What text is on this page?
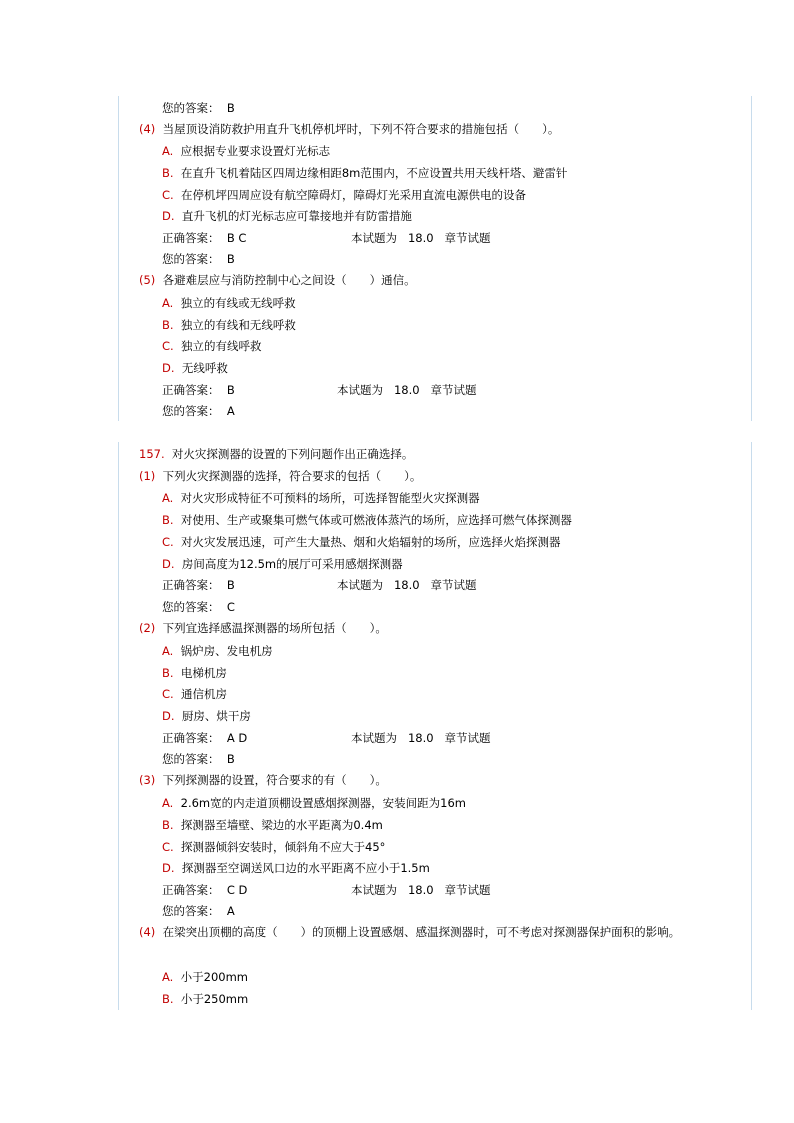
您的答案： B
(4) 当屋顶设消防救护用直升飞机停机坪时，下列不符合要求的措施包括（　　）。
A. 应根据专业要求设置灯光标志
B. 在直升飞机着陆区四周边缘相距8m范围内，不应设置共用天线杆塔、避雷针
C. 在停机坪四周应设有航空障碍灯，障碍灯光采用直流电源供电的设备
D. 直升飞机的灯光标志应可靠接地并有防雷措施
正确答案： B C	本试题为 18.0 章节试题
您的答案： B
(5) 各避难层应与消防控制中心之间设（　　）通信。
A. 独立的有线或无线呼救
B. 独立的有线和无线呼救
C. 独立的有线呼救
D. 无线呼救
正确答案： B	本试题为 18.0 章节试题
您的答案： A
157. 对火灾探测器的设置的下列问题作出正确选择。
(1) 下列火灾探测器的选择，符合要求的包括（　　）。
A. 对火灾形成特征不可预料的场所，可选择智能型火灾探测器
B. 对使用、生产或聚集可燃气体或可燃液体蒸汽的场所，应选择可燃气体探测器
C. 对火灾发展迅速，可产生大量热、烟和火焰辐射的场所，应选择火焰探测器
D. 房间高度为12.5m的展厅可采用感烟探测器
正确答案： B	本试题为 18.0 章节试题
您的答案： C
(2) 下列宜选择感温探测器的场所包括（　　）。
A. 锅炉房、发电机房
B. 电梯机房
C. 通信机房
D. 厨房、烘干房
正确答案： A D	本试题为 18.0 章节试题
您的答案： B
(3) 下列探测器的设置，符合要求的有（　　）。
A. 2.6m宽的内走道顶棚设置感烟探测器，安装间距为16m
B. 探测器至墙壁、梁边的水平距离为0.4m
C. 探测器倾斜安装时，倾斜角不应大于45°
D. 探测器至空调送风口边的水平距离不应小于1.5m
正确答案： C D	本试题为 18.0 章节试题
您的答案： A
(4) 在梁突出顶棚的高度（　　）的顶棚上设置感烟、感温探测器时，可不考虑对探测器保护面积的影响。
A. 小于200mm
B. 小于250mm
